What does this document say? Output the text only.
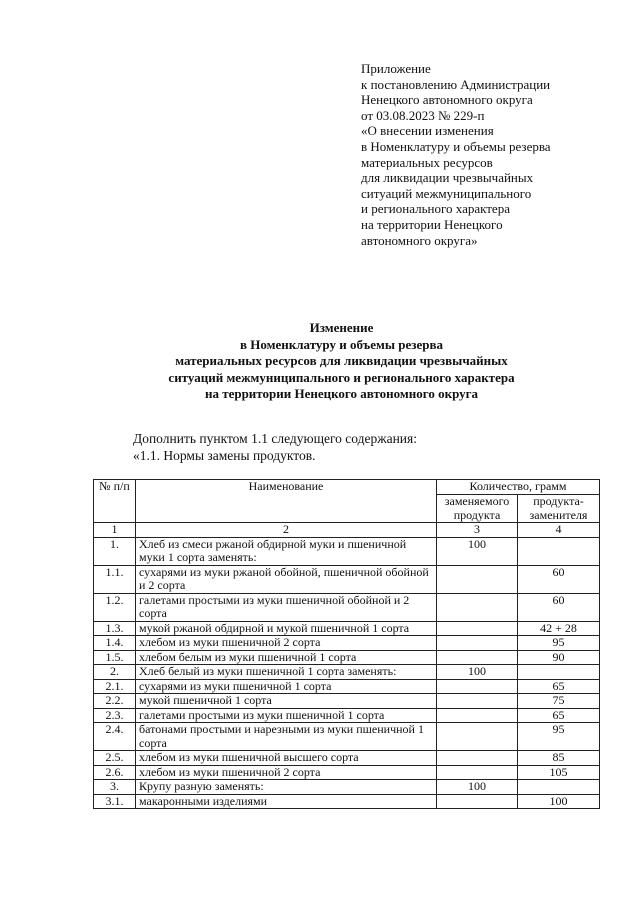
Приложение
к постановлению Администрации
Ненецкого автономного округа
от 03.08.2023 № 229-п
«О внесении изменения
в Номенклатуру и объемы резерва
материальных ресурсов
для ликвидации чрезвычайных
ситуаций межмуниципального
и регионального характера
на территории Ненецкого
автономного округа»
Изменение
в Номенклатуру и объемы резерва
материальных ресурсов для ликвидации чрезвычайных
ситуаций межмуниципального и регионального характера
на территории Ненецкого автономного округа
Дополнить пунктом 1.1 следующего содержания:
«1.1. Нормы замены продуктов.
№ п/п	Наименование	Количество, грамм	
		заменяемого продукта	продукта-заменителя
1	2	3	4
1.	Хлеб из смеси ржаной обдирной муки и пшеничной муки 1 сорта заменять:	100	
1.1.	сухарями из муки ржаной обойной, пшеничной обойной и 2 сорта		60
1.2.	галетами простыми из муки пшеничной обойной и 2 сорта		60
1.3.	мукой ржаной обдирной и мукой пшеничной 1 сорта		42 + 28
1.4.	хлебом из муки пшеничной 2 сорта		95
1.5.	хлебом белым из муки пшеничной 1 сорта		90
2.	Хлеб белый из муки пшеничной 1 сорта заменять:	100	
2.1.	сухарями из муки пшеничной 1 сорта		65
2.2.	мукой пшеничной 1 сорта		75
2.3.	галетами простыми из муки пшеничной 1 сорта		65
2.4.	батонами простыми и нарезными из муки пшеничной 1 сорта		95
2.5.	хлебом из муки пшеничной высшего сорта		85
2.6.	хлебом из муки пшеничной 2 сорта		105
3.	Крупу разную заменять:	100	
3.1.	макаронными изделиями		100
